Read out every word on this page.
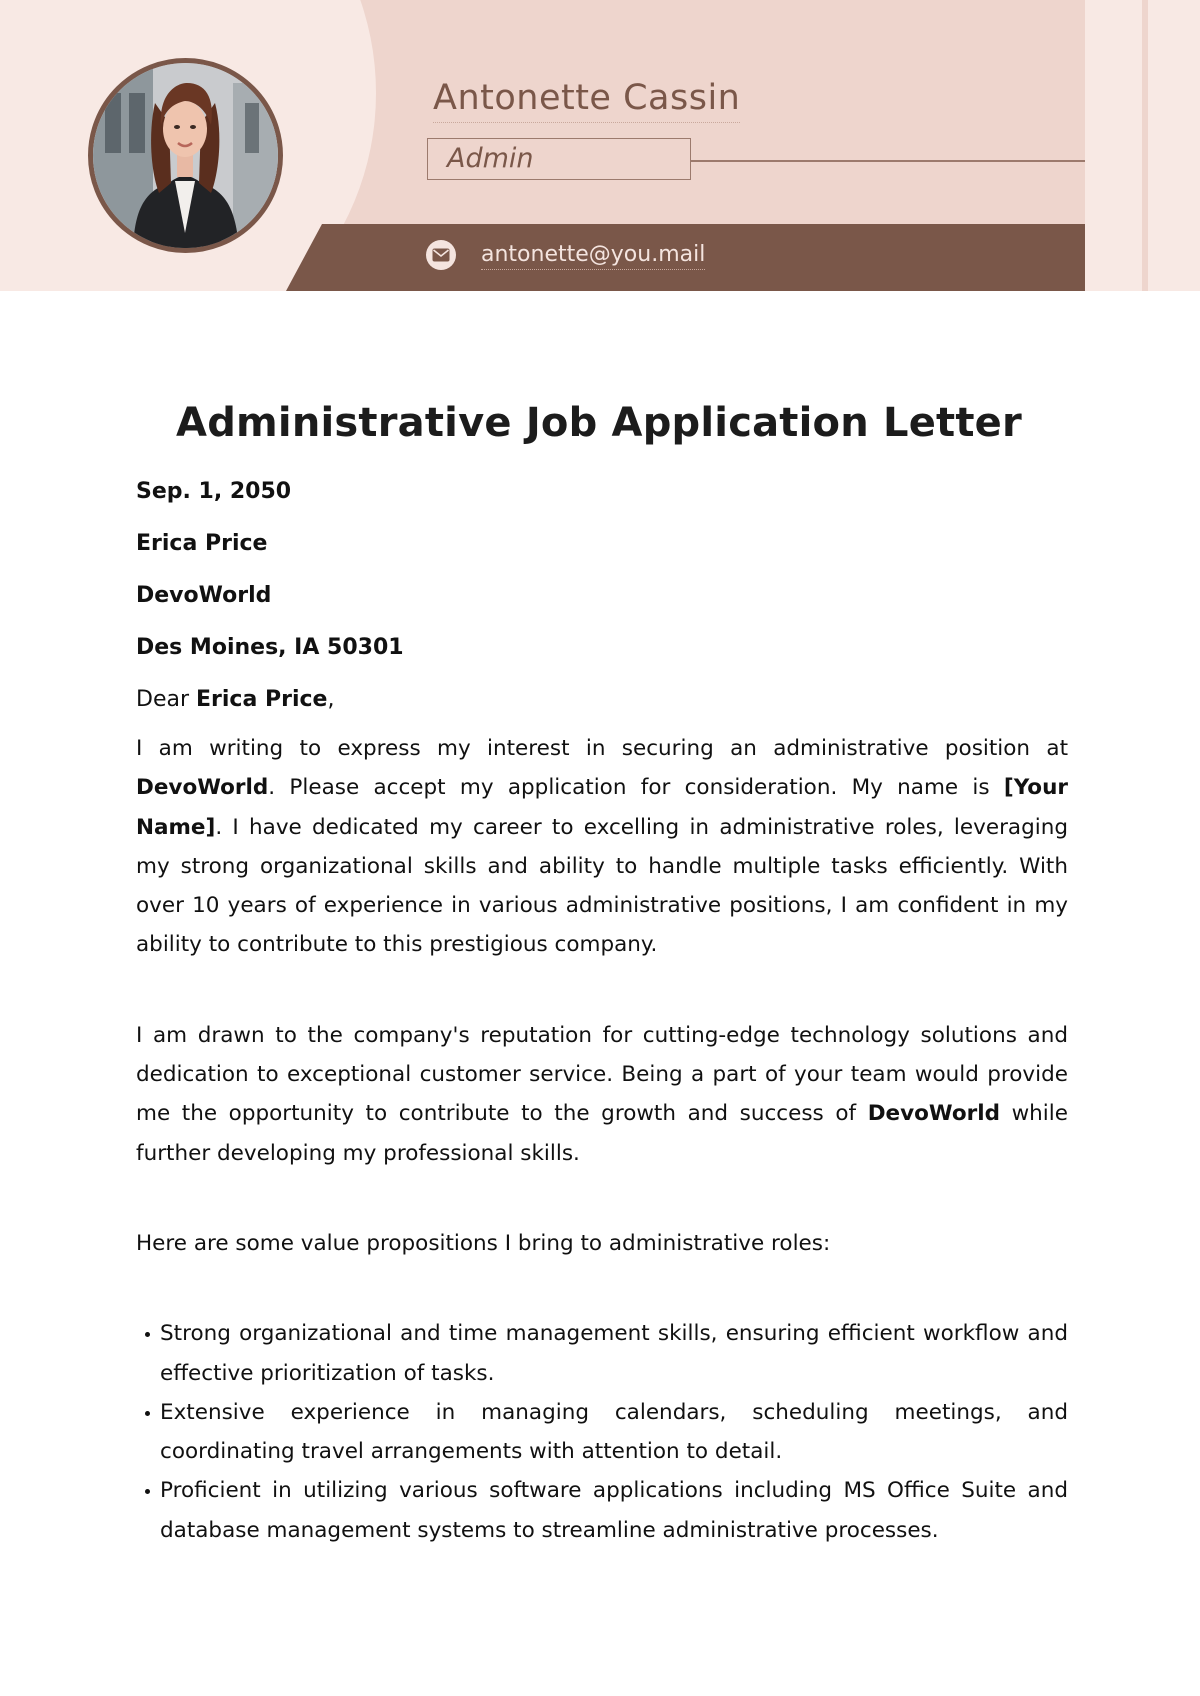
Antonette Cassin
Admin
antonette@you.mail
Administrative Job Application Letter

Sep. 1, 2050

Erica Price

DevoWorld

Des Moines, IA 50301

Dear Erica Price,

I am writing to express my interest in securing an administrative position at DevoWorld. Please accept my application for consideration. My name is [Your Name]. I have dedicated my career to excelling in administrative roles, leveraging my strong organizational skills and ability to handle multiple tasks efficiently. With over 10 years of experience in various administrative positions, I am confident in my ability to contribute to this prestigious company.

I am drawn to the company's reputation for cutting-edge technology solutions and dedication to exceptional customer service. Being a part of your team would provide me the opportunity to contribute to the growth and success of DevoWorld while further developing my professional skills.

Here are some value propositions I bring to administrative roles:

Strong organizational and time management skills, ensuring efficient workflow and effective prioritization of tasks.
Extensive experience in managing calendars, scheduling meetings, and coordinating travel arrangements with attention to detail.
Proficient in utilizing various software applications including MS Office Suite and database management systems to streamline administrative processes.
